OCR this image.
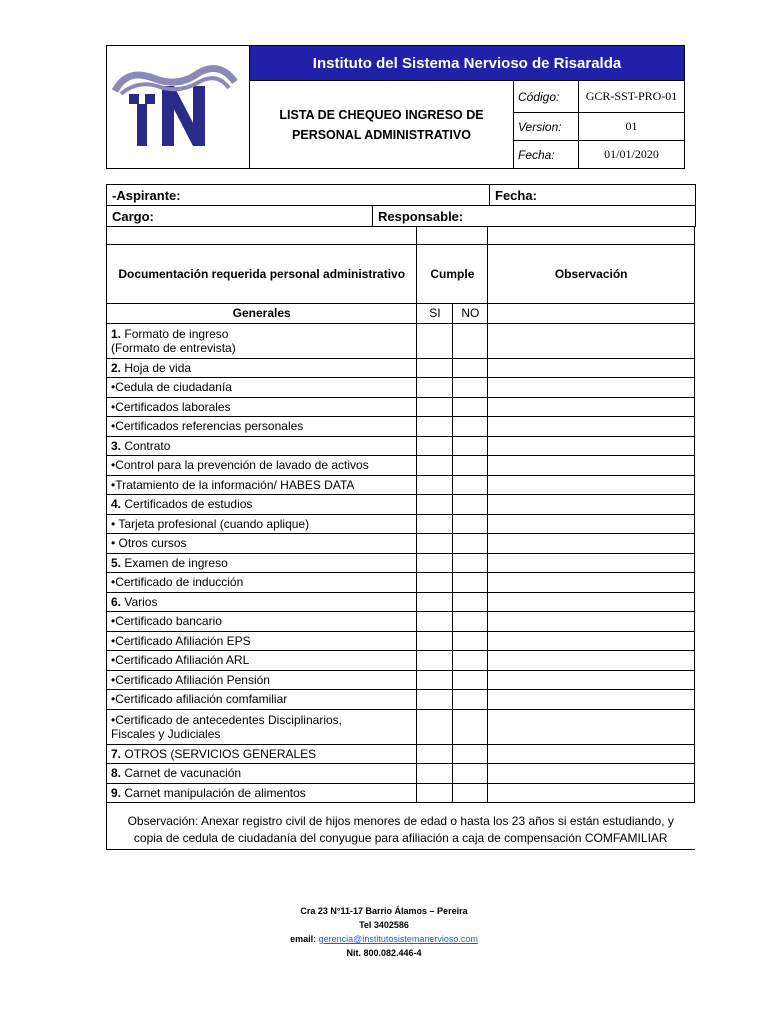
ISN	Instituto del Sistema Nervioso de Risaralda		

	LISTA DE CHEQUEO INGRESO DE
PERSONAL ADMINISTRATIVO	Código:	GCR-SST-PRO-01
		Version:	01
		Fecha:	01/01/2020
-Aspirante:		Fecha:
Cargo:	Responsable:	

Documentación requerida personal administrativo	Cumple		Observación
Generales	SI	NO	

1. Formato de ingreso
(Formato de entrevista)			

2. Hoja de vida			

•Cedula de ciudadanía			

•Certificados laborales			

•Certificados referencias personales			

3. Contrato			

•Control para la prevención de lavado de activos			

•Tratamiento de la información/ HABES DATA			

4. Certificados de estudios			

• Tarjeta profesional (cuando aplique)			

• Otros cursos			

5. Examen de ingreso			

•Certificado de inducción			

6. Varios			

•Certificado bancario			

•Certificado Afiliación EPS			

•Certificado Afiliación ARL			

•Certificado Afiliación Pensión			

•Certificado afiliación comfamiliar			

•Certificado de antecedentes Disciplinarios,
Fiscales y Judiciales			

7. OTROS (SERVICIOS GENERALES			

8. Carnet de vacunación			

9. Carnet manipulación de alimentos			

Observación: Anexar registro civil de hijos menores de edad o hasta los 23 años si están estudiando, y
copia de cedula de ciudadanía del conyugue para afiliación a caja de compensación COMFAMILIAR			
Cra 23 N°11-17 Barrio Álamos – Pereira
Tel 3402586
email: gerencia@institutosistemanervioso.com
Nit. 800.082.446-4
